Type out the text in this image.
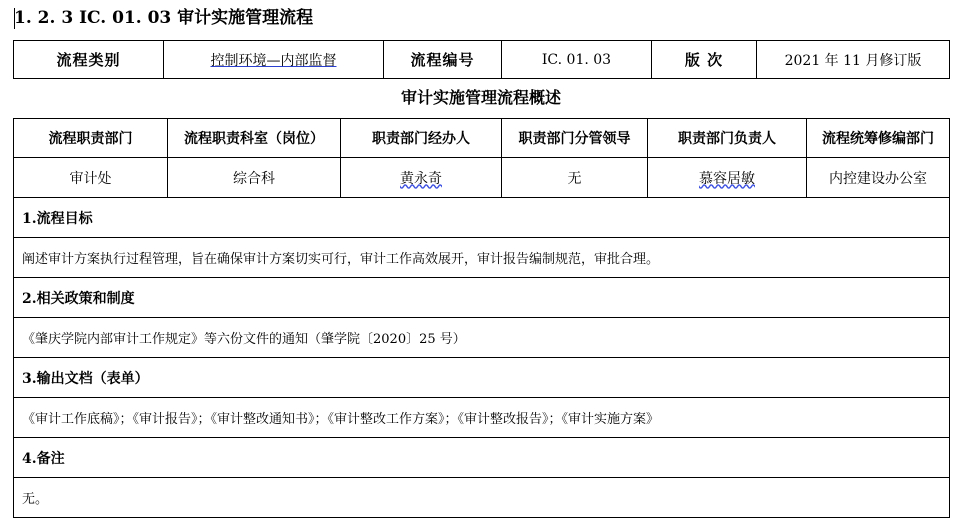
1. 2. 3 IC. 01. 03 审计实施管理流程
流程类别	控制环境—内部监督	流程编号	IC. 01. 03	版 次	2021 年 11 月修订版
审计实施管理流程概述
流程职责部门	流程职责科室（岗位）	职责部门经办人	职责部门分管领导	职责部门负责人	流程统筹修编部门
审计处	综合科	黄永奇	无	慕容居敏	内控建设办公室
1.流程目标					
阐述审计方案执行过程管理，旨在确保审计方案切实可行，审计工作高效展开，审计报告编制规范，审批合理。					
2.相关政策和制度					
《肇庆学院内部审计工作规定》等六份文件的通知（肇学院〔2020〕25 号）					
3.输出文档（表单）					
《审计工作底稿》；《审计报告》；《审计整改通知书》；《审计整改工作方案》；《审计整改报告》；《审计实施方案》					
4.备注					
无。					
